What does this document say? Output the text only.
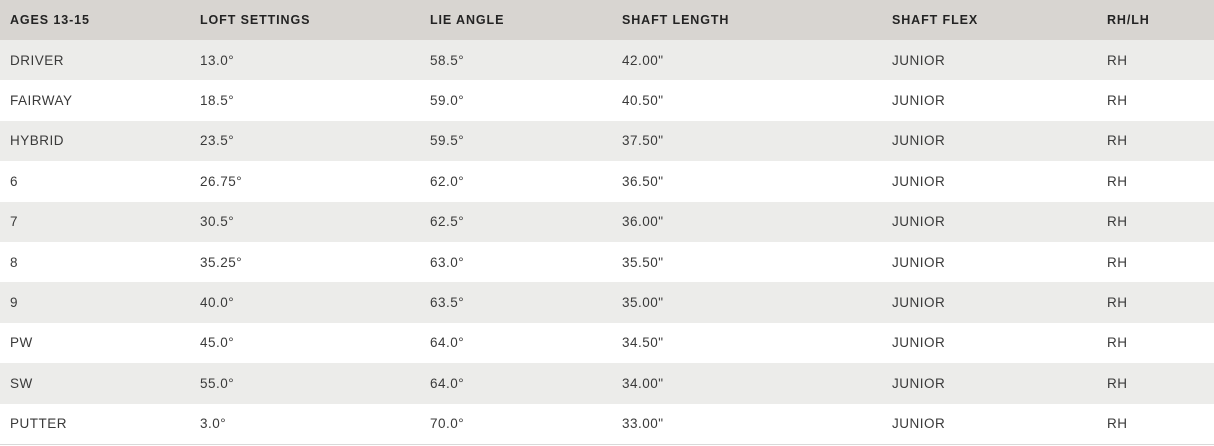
AGES 13-15	LOFT SETTINGS	LIE ANGLE	SHAFT LENGTH	SHAFT FLEX	RH/LH
DRIVER	13.0°	58.5°	42.00"	JUNIOR	RH
FAIRWAY	18.5°	59.0°	40.50"	JUNIOR	RH
HYBRID	23.5°	59.5°	37.50"	JUNIOR	RH
6	26.75°	62.0°	36.50"	JUNIOR	RH
7	30.5°	62.5°	36.00"	JUNIOR	RH
8	35.25°	63.0°	35.50"	JUNIOR	RH
9	40.0°	63.5°	35.00"	JUNIOR	RH
PW	45.0°	64.0°	34.50"	JUNIOR	RH
SW	55.0°	64.0°	34.00"	JUNIOR	RH
PUTTER	3.0°	70.0°	33.00"	JUNIOR	RH
